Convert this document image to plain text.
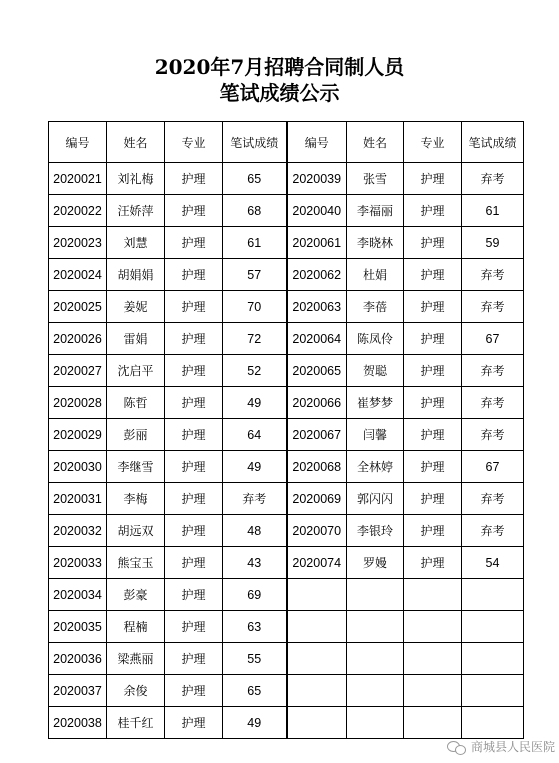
2020年7月招聘合同制人员
笔试成绩公示
编号	姓名	专业	笔试成绩	编号	姓名	专业	笔试成绩
2020021	刘礼梅	护理	65	2020039	张雪	护理	弃考
2020022	汪娇萍	护理	68	2020040	李福丽	护理	61
2020023	刘慧	护理	61	2020061	李晓林	护理	59
2020024	胡娟娟	护理	57	2020062	杜娟	护理	弃考
2020025	姜妮	护理	70	2020063	李蓓	护理	弃考
2020026	雷娟	护理	72	2020064	陈凤伶	护理	67
2020027	沈启平	护理	52	2020065	贺聪	护理	弃考
2020028	陈哲	护理	49	2020066	崔梦梦	护理	弃考
2020029	彭丽	护理	64	2020067	闫馨	护理	弃考
2020030	李继雪	护理	49	2020068	全林婷	护理	67
2020031	李梅	护理	弃考	2020069	郭闪闪	护理	弃考
2020032	胡远双	护理	48	2020070	李银玲	护理	弃考
2020033	熊宝玉	护理	43	2020074	罗嫚	护理	54
2020034	彭豪	护理	69				
2020035	程楠	护理	63				
2020036	梁燕丽	护理	55				
2020037	余俊	护理	65				
2020038	桂千红	护理	49				
商城县人民医院
